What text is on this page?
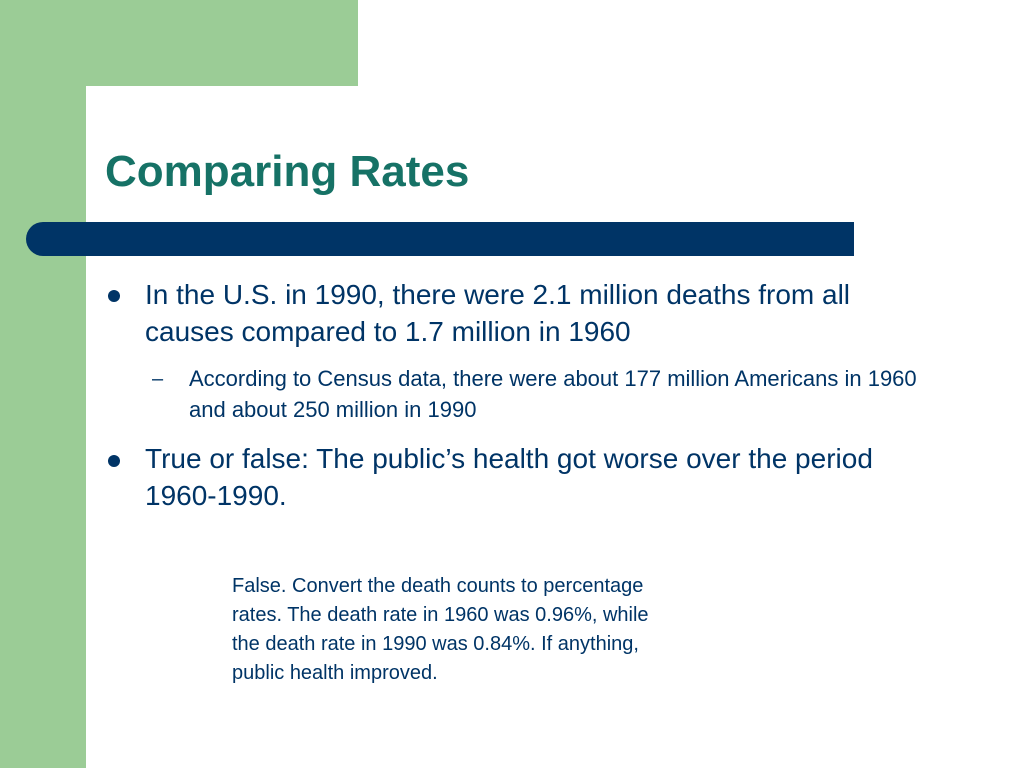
Comparing Rates
In the U.S. in 1990, there were 2.1 million deaths from all causes compared to 1.7 million in 1960
– According to Census data, there were about 177 million Americans in 1960 and about 250 million in 1990
True or false: The public’s health got worse over the period 1960-1990.
False. Convert the death counts to percentage
rates. The death rate in 1960 was 0.96%, while
the death rate in 1990 was 0.84%. If anything,
public health improved.
